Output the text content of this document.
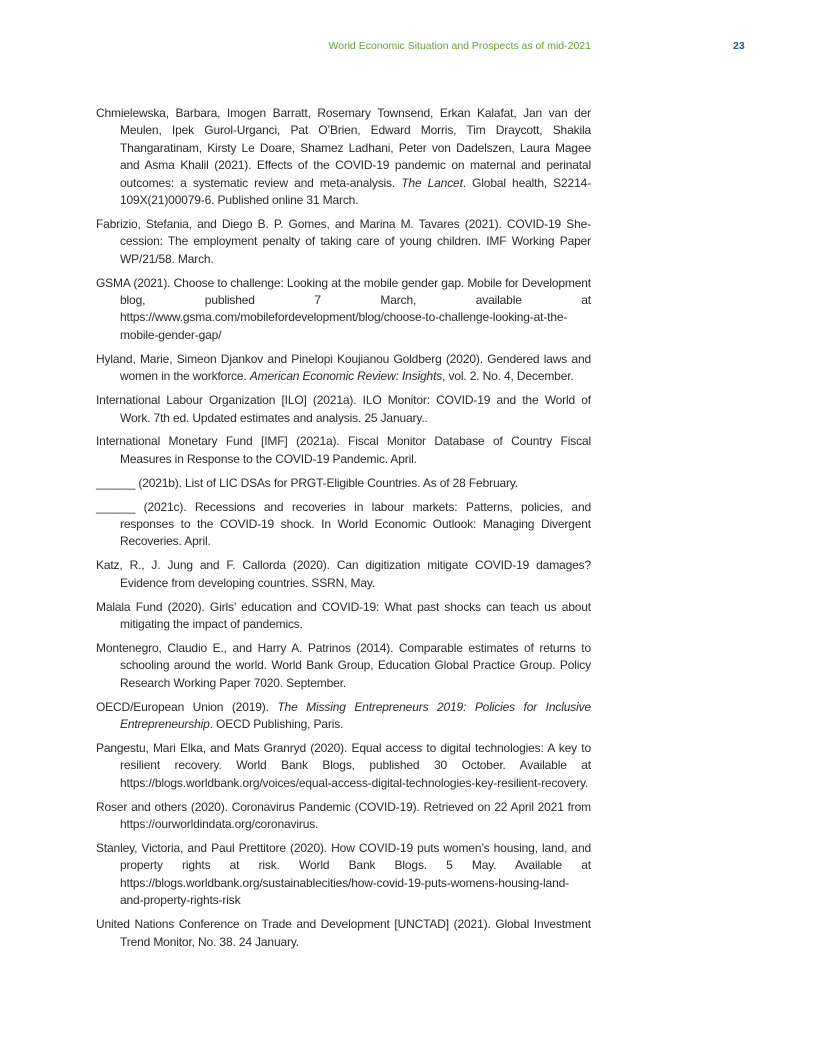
World Economic Situation and Prospects as of mid-2021	23
Chmielewska, Barbara, Imogen Barratt, Rosemary Townsend, Erkan Kalafat, Jan van der Meulen, Ipek Gurol-Urganci, Pat O’Brien, Edward Morris, Tim Draycott, Shakila Thangaratinam, Kirsty Le Doare, Shamez Ladhani, Peter von Dadelszen, Laura Magee and Asma Khalil (2021). Effects of the COVID-19 pandemic on maternal and perinatal outcomes: a systematic review and meta-analysis. The Lancet. Global health, S2214-109X(21)00079-6. Published online 31 March.
Fabrizio, Stefania, and Diego B. P. Gomes, and Marina M. Tavares (2021). COVID-19 She-cession: The employment penalty of taking care of young children. IMF Working Paper WP/21/58. March.
GSMA (2021). Choose to challenge: Looking at the mobile gender gap. Mobile for Development blog, published 7 March, available at https://www.gsma.com/mobilefordevelopment/blog/choose-to-challenge-looking-at-the-mobile-gender-gap/
Hyland, Marie, Simeon Djankov and Pinelopi Koujianou Goldberg (2020). Gendered laws and women in the workforce. American Economic Review: Insights, vol. 2. No. 4, December.
International Labour Organization [ILO] (2021a). ILO Monitor: COVID-19 and the World of Work. 7th ed. Updated estimates and analysis. 25 January..
International Monetary Fund [IMF] (2021a). Fiscal Monitor Database of Country Fiscal Measures in Response to the COVID-19 Pandemic. April.
______ (2021b). List of LIC DSAs for PRGT-Eligible Countries. As of 28 February.
______ (2021c). Recessions and recoveries in labour markets: Patterns, policies, and responses to the COVID-19 shock. In World Economic Outlook: Managing Divergent Recoveries. April.
Katz, R., J. Jung and F. Callorda (2020). Can digitization mitigate COVID-19 damages? Evidence from developing countries. SSRN, May.
Malala Fund (2020). Girls’ education and COVID-19: What past shocks can teach us about mitigating the impact of pandemics.
Montenegro, Claudio E., and Harry A. Patrinos (2014). Comparable estimates of returns to schooling around the world. World Bank Group, Education Global Practice Group. Policy Research Working Paper 7020. September.
OECD/European Union (2019). The Missing Entrepreneurs 2019: Policies for Inclusive Entrepreneurship. OECD Publishing, Paris.
Pangestu, Mari Elka, and Mats Granryd (2020). Equal access to digital technologies: A key to resilient recovery. World Bank Blogs, published 30 October. Available at https://blogs.worldbank.org/voices/equal-access-digital-technologies-key-resilient-recovery.
Roser and others (2020). Coronavirus Pandemic (COVID-19). Retrieved on 22 April 2021 from https://ourworldindata.org/coronavirus.
Stanley, Victoria, and Paul Prettitore (2020). How COVID-19 puts women’s housing, land, and property rights at risk. World Bank Blogs. 5 May. Available at https://blogs.worldbank.org/sustainablecities/how-covid-19-puts-womens-housing-land-and-property-rights-risk
United Nations Conference on Trade and Development [UNCTAD] (2021). Global Investment Trend Monitor, No. 38. 24 January.
